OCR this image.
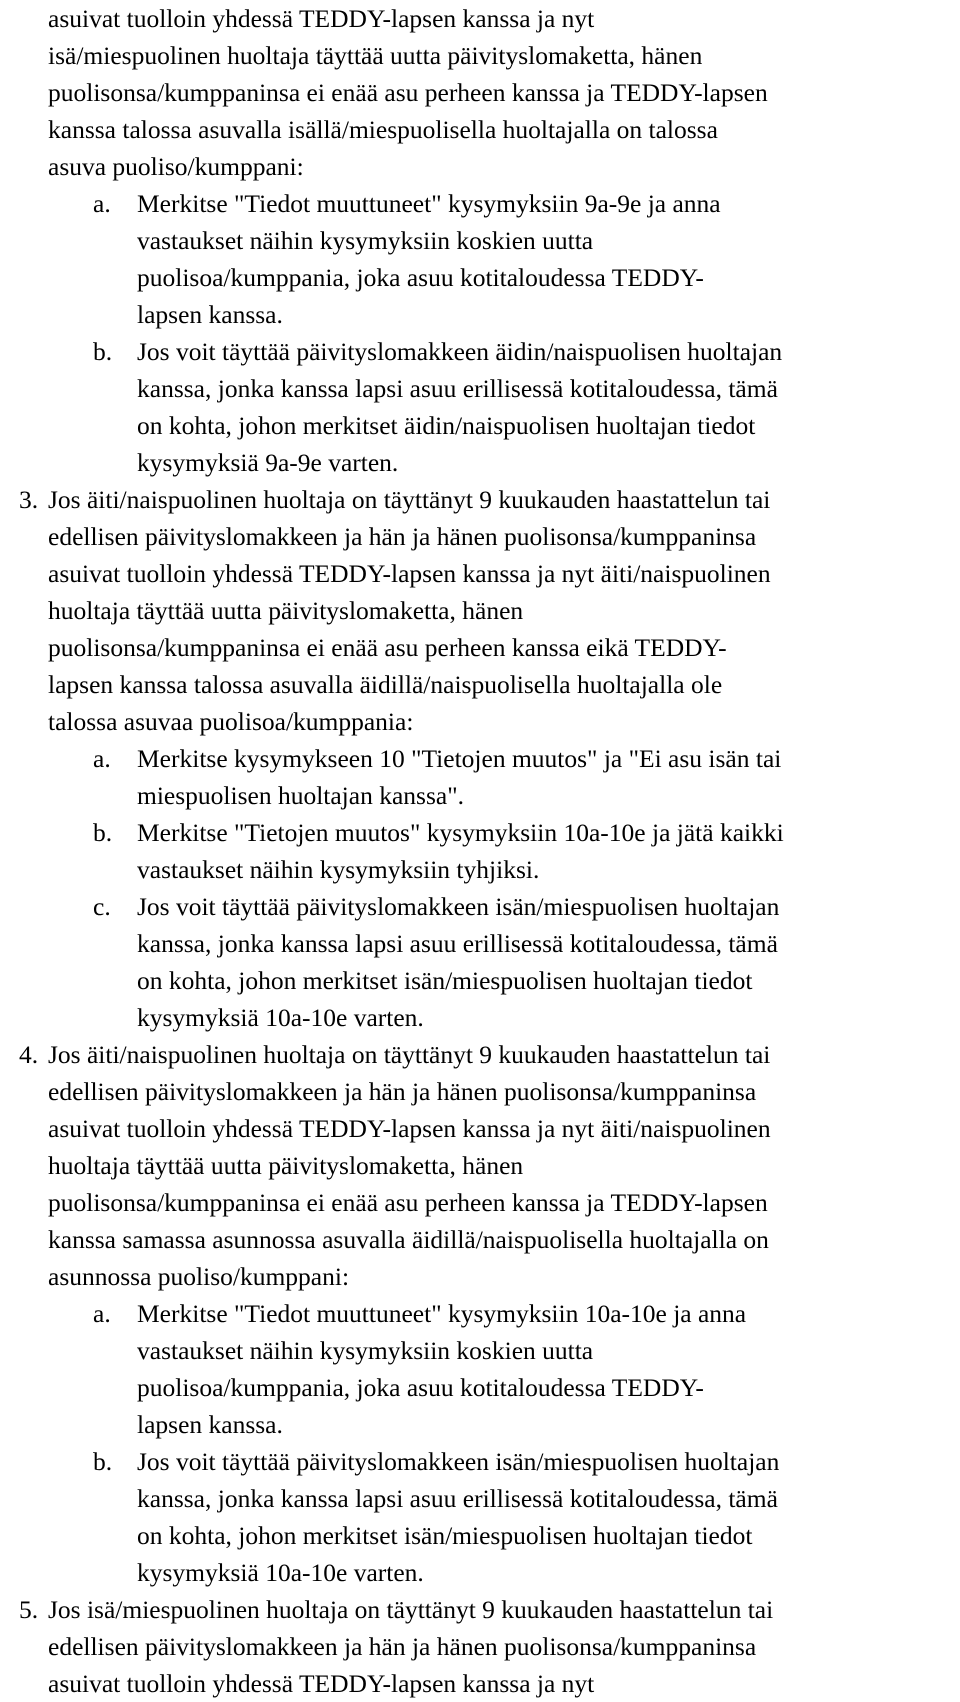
asuivat tuolloin yhdessä TEDDY-lapsen kanssa ja nyt
isä/miespuolinen huoltaja täyttää uutta päivityslomaketta, hänen
puolisonsa/kumppaninsa ei enää asu perheen kanssa ja TEDDY-lapsen
kanssa talossa asuvalla isällä/miespuolisella huoltajalla on talossa
asuva puoliso/kumppani:
a. Merkitse "Tiedot muuttuneet" kysymyksiin 9a-9e ja anna
vastaukset näihin kysymyksiin koskien uutta
puolisoa/kumppania, joka asuu kotitaloudessa TEDDY-
lapsen kanssa.
b. Jos voit täyttää päivityslomakkeen äidin/naispuolisen huoltajan
kanssa, jonka kanssa lapsi asuu erillisessä kotitaloudessa, tämä
on kohta, johon merkitset äidin/naispuolisen huoltajan tiedot
kysymyksiä 9a-9e varten.
3. Jos äiti/naispuolinen huoltaja on täyttänyt 9 kuukauden haastattelun tai
edellisen päivityslomakkeen ja hän ja hänen puolisonsa/kumppaninsa
asuivat tuolloin yhdessä TEDDY-lapsen kanssa ja nyt äiti/naispuolinen
huoltaja täyttää uutta päivityslomaketta, hänen
puolisonsa/kumppaninsa ei enää asu perheen kanssa eikä TEDDY-
lapsen kanssa talossa asuvalla äidillä/naispuolisella huoltajalla ole
talossa asuvaa puolisoa/kumppania:
a. Merkitse kysymykseen 10 "Tietojen muutos" ja "Ei asu isän tai
miespuolisen huoltajan kanssa".
b. Merkitse "Tietojen muutos" kysymyksiin 10a-10e ja jätä kaikki
vastaukset näihin kysymyksiin tyhjiksi.
c. Jos voit täyttää päivityslomakkeen isän/miespuolisen huoltajan
kanssa, jonka kanssa lapsi asuu erillisessä kotitaloudessa, tämä
on kohta, johon merkitset isän/miespuolisen huoltajan tiedot
kysymyksiä 10a-10e varten.
4. Jos äiti/naispuolinen huoltaja on täyttänyt 9 kuukauden haastattelun tai
edellisen päivityslomakkeen ja hän ja hänen puolisonsa/kumppaninsa
asuivat tuolloin yhdessä TEDDY-lapsen kanssa ja nyt äiti/naispuolinen
huoltaja täyttää uutta päivityslomaketta, hänen
puolisonsa/kumppaninsa ei enää asu perheen kanssa ja TEDDY-lapsen
kanssa samassa asunnossa asuvalla äidillä/naispuolisella huoltajalla on
asunnossa puoliso/kumppani:
a. Merkitse "Tiedot muuttuneet" kysymyksiin 10a-10e ja anna
vastaukset näihin kysymyksiin koskien uutta
puolisoa/kumppania, joka asuu kotitaloudessa TEDDY-
lapsen kanssa.
b. Jos voit täyttää päivityslomakkeen isän/miespuolisen huoltajan
kanssa, jonka kanssa lapsi asuu erillisessä kotitaloudessa, tämä
on kohta, johon merkitset isän/miespuolisen huoltajan tiedot
kysymyksiä 10a-10e varten.
5. Jos isä/miespuolinen huoltaja on täyttänyt 9 kuukauden haastattelun tai
edellisen päivityslomakkeen ja hän ja hänen puolisonsa/kumppaninsa
asuivat tuolloin yhdessä TEDDY-lapsen kanssa ja nyt
